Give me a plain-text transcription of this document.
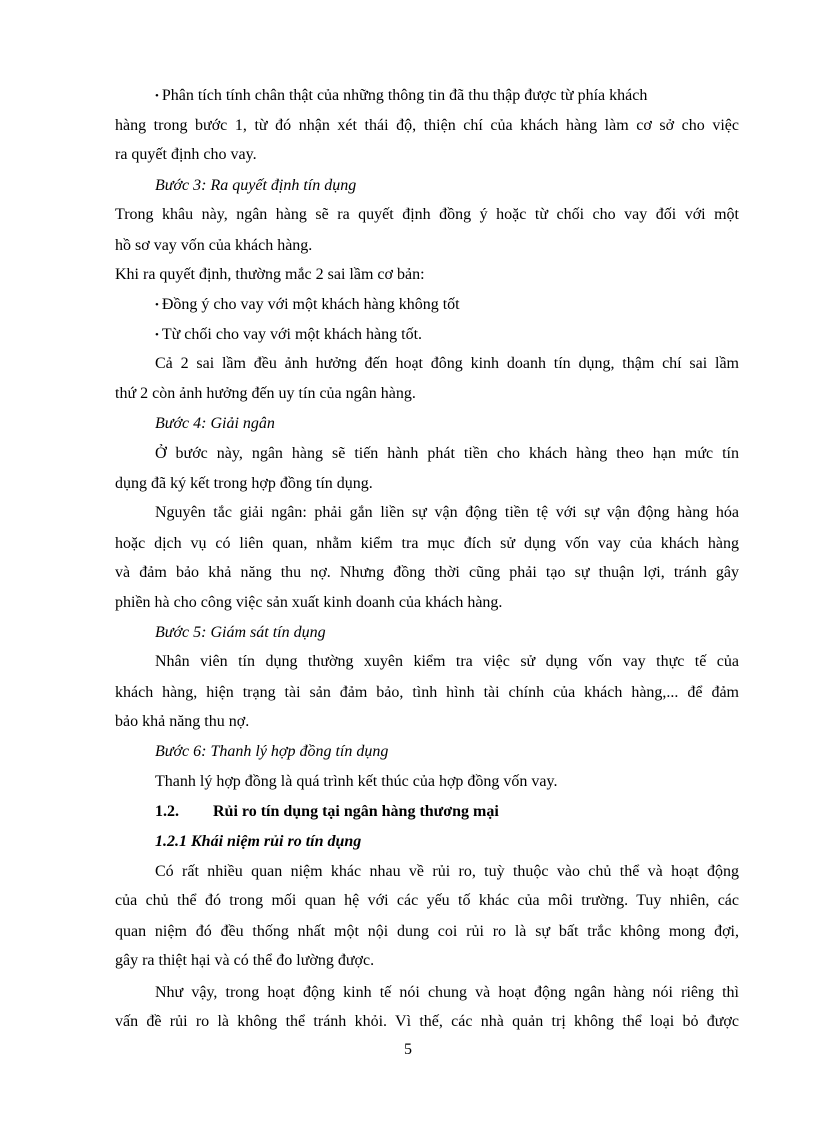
• Phân tích tính chân thật của những thông tin đã thu thập được từ phía khách
hàng trong bước 1, từ đó nhận xét thái độ, thiện chí của khách hàng làm cơ sở cho việc
ra quyết định cho vay.
Bước 3: Ra quyết định tín dụng
Trong khâu này, ngân hàng sẽ ra quyết định đồng ý hoặc từ chối cho vay đối với một
hồ sơ vay vốn của khách hàng.
Khi ra quyết định, thường mắc 2 sai lầm cơ bản:
• Đồng ý cho vay với một khách hàng không tốt
• Từ chối cho vay với một khách hàng tốt.
Cả 2 sai lầm đều ảnh hưởng đến hoạt đông kinh doanh tín dụng, thậm chí sai lầm
thứ 2 còn ảnh hưởng đến uy tín của ngân hàng.
Bước 4: Giải ngân
Ở bước này, ngân hàng sẽ tiến hành phát tiền cho khách hàng theo hạn mức tín
dụng đã ký kết trong hợp đồng tín dụng.
Nguyên tắc giải ngân: phải gắn liền sự vận động tiền tệ với sự vận động hàng hóa
hoặc dịch vụ có liên quan, nhằm kiểm tra mục đích sử dụng vốn vay của khách hàng
và đảm bảo khả năng thu nợ. Nhưng đồng thời cũng phải tạo sự thuận lợi, tránh gây
phiền hà cho công việc sản xuất kinh doanh của khách hàng.
Bước 5: Giám sát tín dụng
Nhân viên tín dụng thường xuyên kiểm tra việc sử dụng vốn vay thực tế của
khách hàng, hiện trạng tài sản đảm bảo, tình hình tài chính của khách hàng,... để đảm
bảo khả năng thu nợ.
Bước 6: Thanh lý hợp đồng tín dụng
Thanh lý hợp đồng là quá trình kết thúc của hợp đồng vốn vay.
1.2. Rủi ro tín dụng tại ngân hàng thương mại
1.2.1 Khái niệm rủi ro tín dụng
Có rất nhiều quan niệm khác nhau về rủi ro, tuỳ thuộc vào chủ thể và hoạt động
của chủ thể đó trong mối quan hệ với các yếu tố khác của môi trường. Tuy nhiên, các
quan niệm đó đều thống nhất một nội dung coi rủi ro là sự bất trắc không mong đợi,
gây ra thiệt hại và có thể đo lường được.
Như vậy, trong hoạt động kinh tế nói chung và hoạt động ngân hàng nói riêng thì
vấn đề rủi ro là không thể tránh khỏi. Vì thế, các nhà quản trị không thể loại bỏ được
5
